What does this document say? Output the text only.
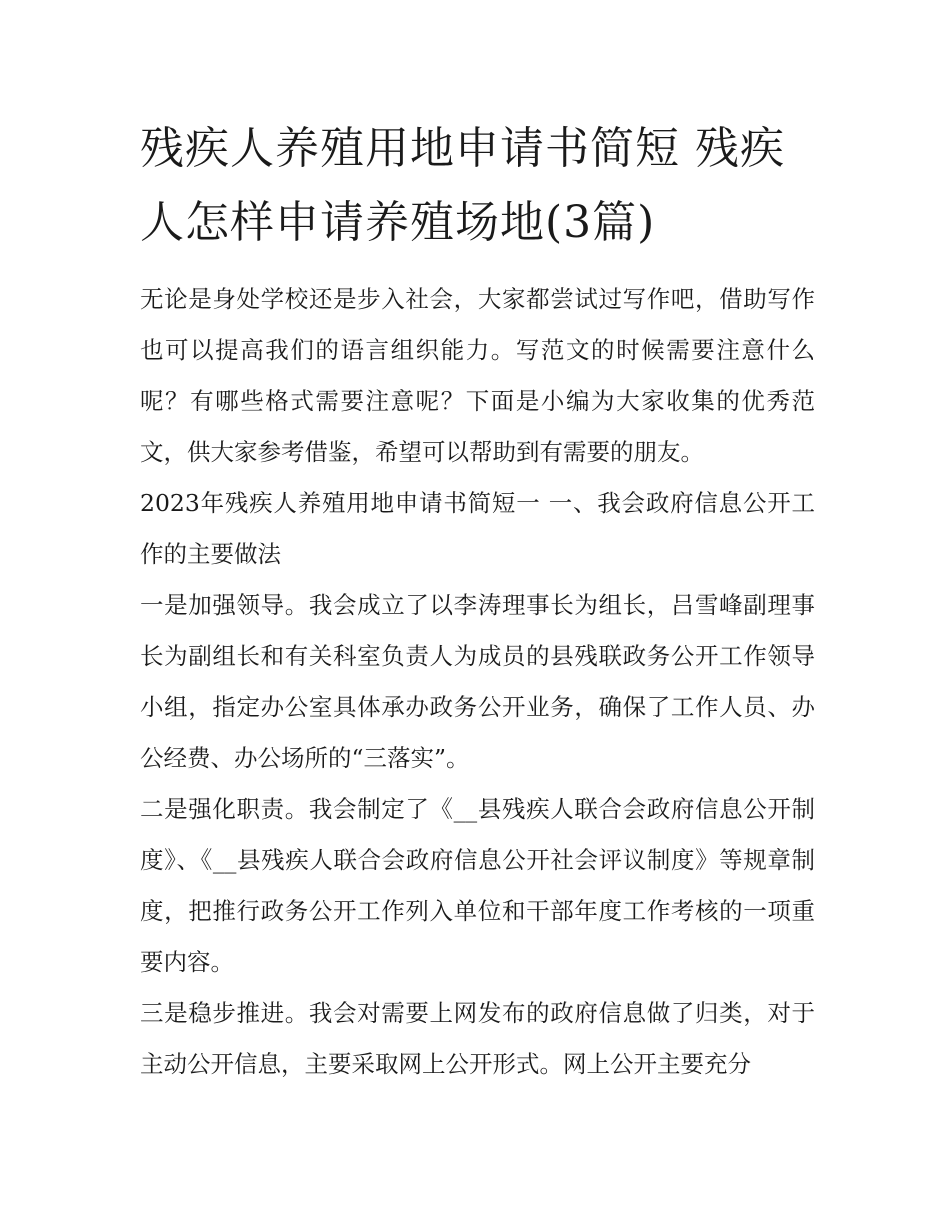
残疾人养殖用地申请书简短 残疾人怎样申请养殖场地(3篇)

无论是身处学校还是步入社会，大家都尝试过写作吧，借助写作也可以提高我们的语言组织能力。写范文的时候需要注意什么呢？有哪些格式需要注意呢？下面是小编为大家收集的优秀范文，供大家参考借鉴，希望可以帮助到有需要的朋友。

2023年残疾人养殖用地申请书简短一 一、我会政府信息公开工作的主要做法

一是加强领导。我会成立了以李涛理事长为组长，吕雪峰副理事长为副组长和有关科室负责人为成员的县残联政务公开工作领导小组，指定办公室具体承办政务公开业务，确保了工作人员、办公经费、办公场所的“三落实”。

二是强化职责。我会制定了《__县残疾人联合会政府信息公开制度》、《__县残疾人联合会政府信息公开社会评议制度》等规章制度，把推行政务公开工作列入单位和干部年度工作考核的一项重要内容。

三是稳步推进。我会对需要上网发布的政府信息做了归类，对于主动公开信息，主要采取网上公开形式。网上公开主要充分
